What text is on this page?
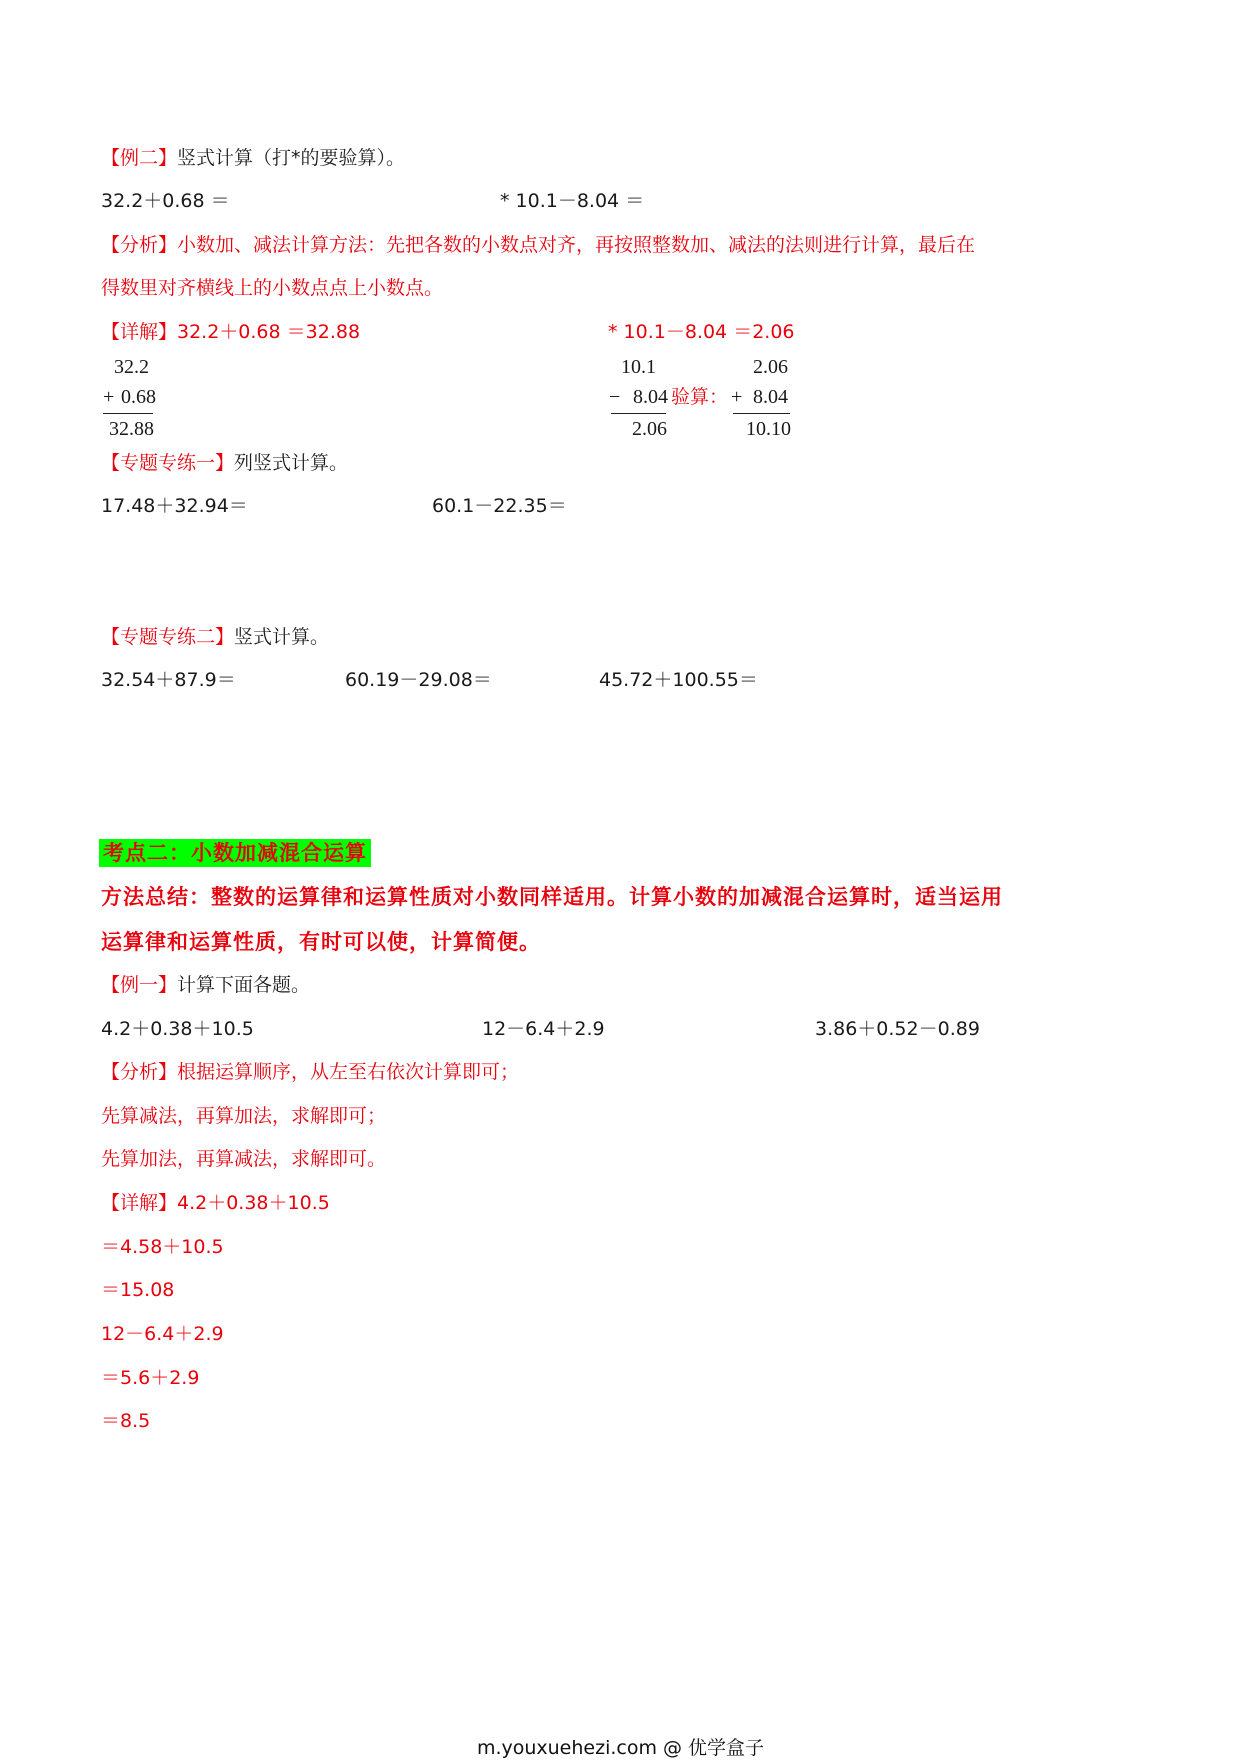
【例二】竖式计算（打*的要验算）。
32.2＋0.68 ＝	* 10.1－8.04 ＝
【分析】小数加、减法计算方法：先把各数的小数点对齐，再按照整数加、减法的法则进行计算，最后在
得数里对齐横线上的小数点点上小数点。
【详解】32.2＋0.68 ＝32.88	* 10.1－8.04 ＝2.06
32.2
+ 0.68
32.88
10.1
− 8.04
2.06
验算：
2.06
+ 8.04
10.10
【专题专练一】列竖式计算。
17.48＋32.94＝	60.1－22.35＝
【专题专练二】竖式计算。
32.54＋87.9＝	60.19－29.08＝	45.72＋100.55＝
考点二：小数加减混合运算
方法总结：整数的运算律和运算性质对小数同样适用。计算小数的加减混合运算时，适当运用
运算律和运算性质，有时可以使，计算简便。
【例一】计算下面各题。
4.2＋0.38＋10.5	12－6.4＋2.9	3.86＋0.52－0.89
【分析】根据运算顺序，从左至右依次计算即可；
先算减法，再算加法，求解即可；
先算加法，再算减法，求解即可。
【详解】4.2＋0.38＋10.5
＝4.58＋10.5
＝15.08
12－6.4＋2.9
＝5.6＋2.9
＝8.5
m.youxuehezi.com @ 优学盒子
